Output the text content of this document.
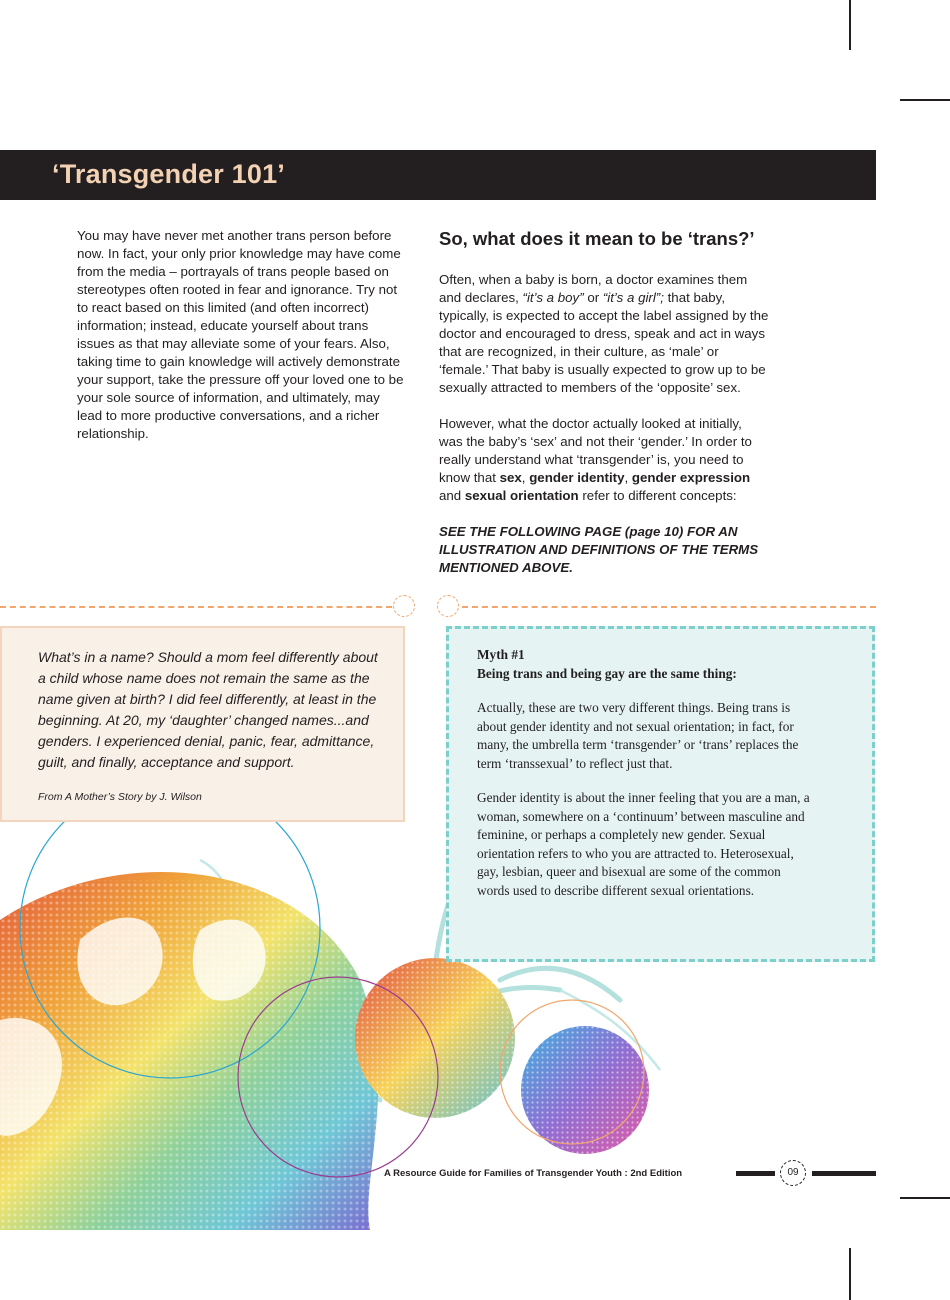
‘Transgender 101’

You may have never met another trans person before now. In fact, your only prior knowledge may have come from the media – portrayals of trans people based on stereotypes often rooted in fear and ignorance. Try not to react based on this limited (and often incorrect) information; instead, educate yourself about trans issues as that may alleviate some of your fears. Also, taking time to gain knowledge will actively demonstrate your support, take the pressure off your loved one to be your sole source of information, and ultimately, may lead to more productive conversations, and a richer relationship.

So, what does it mean to be ‘trans?’

Often, when a baby is born, a doctor examines them and declares, “it’s a boy” or “it’s a girl”; that baby, typically, is expected to accept the label assigned by the doctor and encouraged to dress, speak and act in ways that are recognized, in their culture, as ‘male’ or ‘female.’ That baby is usually expected to grow up to be sexually attracted to members of the ‘opposite’ sex.

However, what the doctor actually looked at initially, was the baby’s ‘sex’ and not their ‘gender.’ In order to really understand what ‘transgender’ is, you need to know that sex, gender identity, gender expression and sexual orientation refer to different concepts:

SEE THE FOLLOWING PAGE (page 10) FOR AN ILLUSTRATION AND DEFINITIONS OF THE TERMS MENTIONED ABOVE.

What’s in a name? Should a mom feel differently about a child whose name does not remain the same as the name given at birth? I did feel differently, at least in the beginning. At 20, my ‘daughter’ changed names...and genders. I experienced denial, panic, fear, admittance, guilt, and finally, acceptance and support.

From A Mother’s Story by J. Wilson

Myth #1

Being trans and being gay are the same thing:

Actually, these are two very different things. Being trans is about gender identity and not sexual orientation; in fact, for many, the umbrella term ‘transgender’ or ‘trans’ replaces the term ‘transsexual’ to reflect just that.

Gender identity is about the inner feeling that you are a man, a woman, somewhere on a ‘continuum’ between masculine and feminine, or perhaps a completely new gender. Sexual orientation refers to who you are attracted to. Heterosexual, gay, lesbian, queer and bisexual are some of the common words used to describe different sexual orientations.

A Resource Guide for Families of Transgender Youth : 2nd Edition	09
